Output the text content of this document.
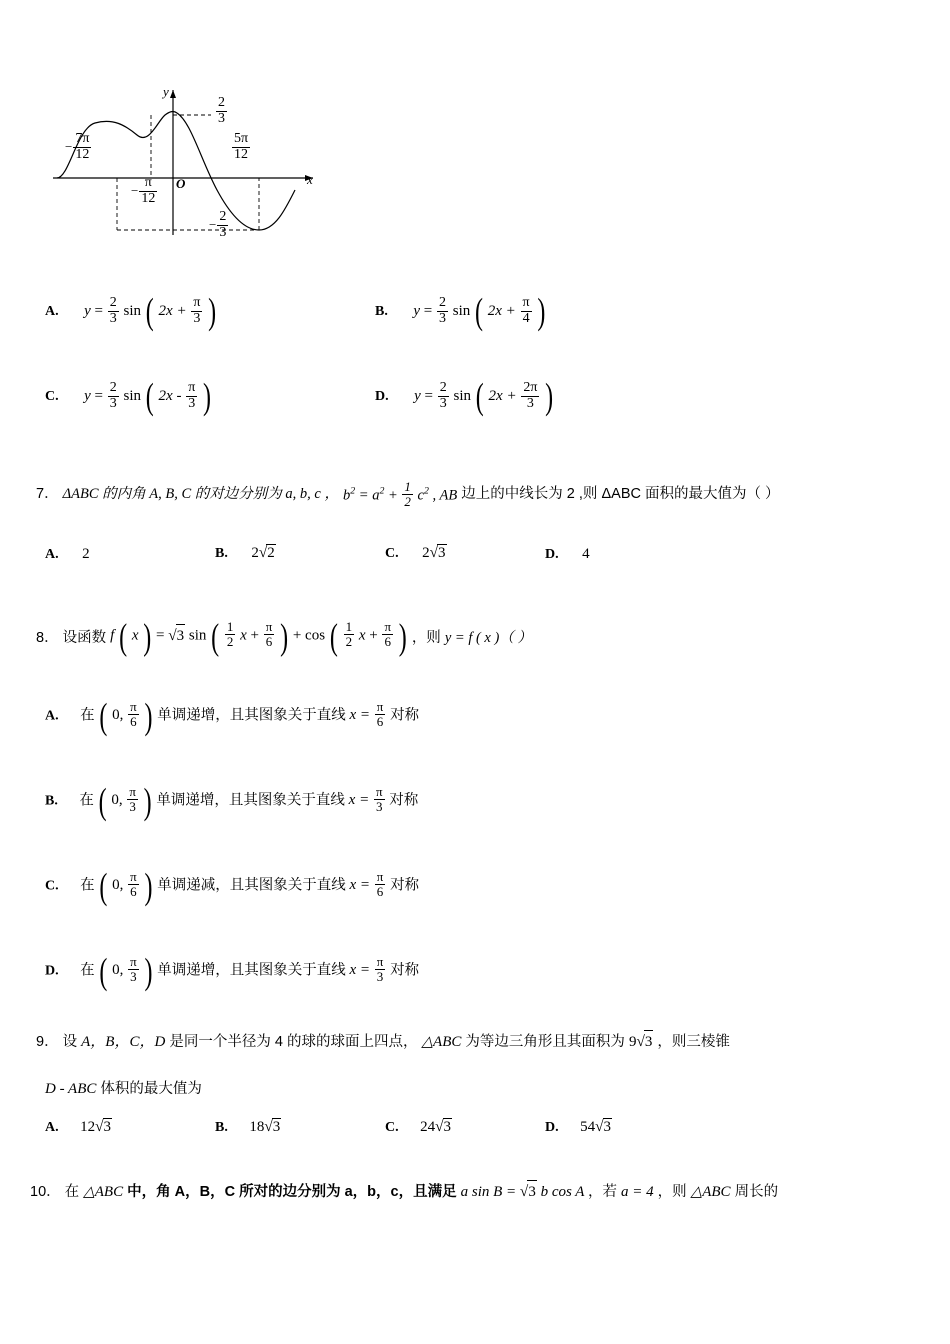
y
x
O
$\frac{2}{3}$
− $\frac{2}{3}$
− $\frac{7\pi}{12}$
− $\frac{\pi}{12}$
$\frac{5\pi}{12}$
A. $y = \frac{2}{3}$ sin ( $2x + \frac{\pi}{3}$ )	B. $y = \frac{2}{3}$ sin ( $2x + \frac{\pi}{4}$ )
C. $y = \frac{2}{3}$ sin ( $2x - \frac{\pi}{3}$ )	D. $y = \frac{2}{3}$ sin ( $2x + \frac{2\pi}{3}$ )
7． ΔABC 的内角 A, B, C 的对边分别为 a, b, c ， $b^2 = a^2 + \frac{1}{2} c^2$ , AB 边上的中线长为 2 ,则 ΔABC 面积的最大值为（ ）
A. 2	B. 2√2	C. 2√3	D. 4
8． 设函数 f ( x ) = √3 sin ( $\frac{1}{2}$ $x + \frac{\pi}{6}$ ) + cos ( $\frac{1}{2}$ $x + \frac{\pi}{6}$ ) ，则 y = f ( x )（ ）
A. 在 ( 0, $\frac{\pi}{6}$ ) 单调递增，且其图象关于直线 $x = \frac{\pi}{6}$ 对称
B. 在 ( 0, $\frac{\pi}{3}$ ) 单调递增，且其图象关于直线 $x = \frac{\pi}{3}$ 对称
C. 在 ( 0, $\frac{\pi}{6}$ ) 单调递减，且其图象关于直线 $x = \frac{\pi}{6}$ 对称
D. 在 ( 0, $\frac{\pi}{3}$ ) 单调递增，且其图象关于直线 $x = \frac{\pi}{3}$ 对称
9． 设 A，B，C，D 是同一个半径为 4 的球的球面上四点， △ABC 为等边三角形且其面积为 9√3 ，则三棱锥
D - ABC 体积的最大值为
A. 12√3	B. 18√3	C. 24√3	D. 54√3
10． 在 △ABC 中，角 A，B，C 所对的边分别为 a，b，c，且满足 a sin B = √3 b cos A ，若 a = 4 ，则 △ABC 周长的
